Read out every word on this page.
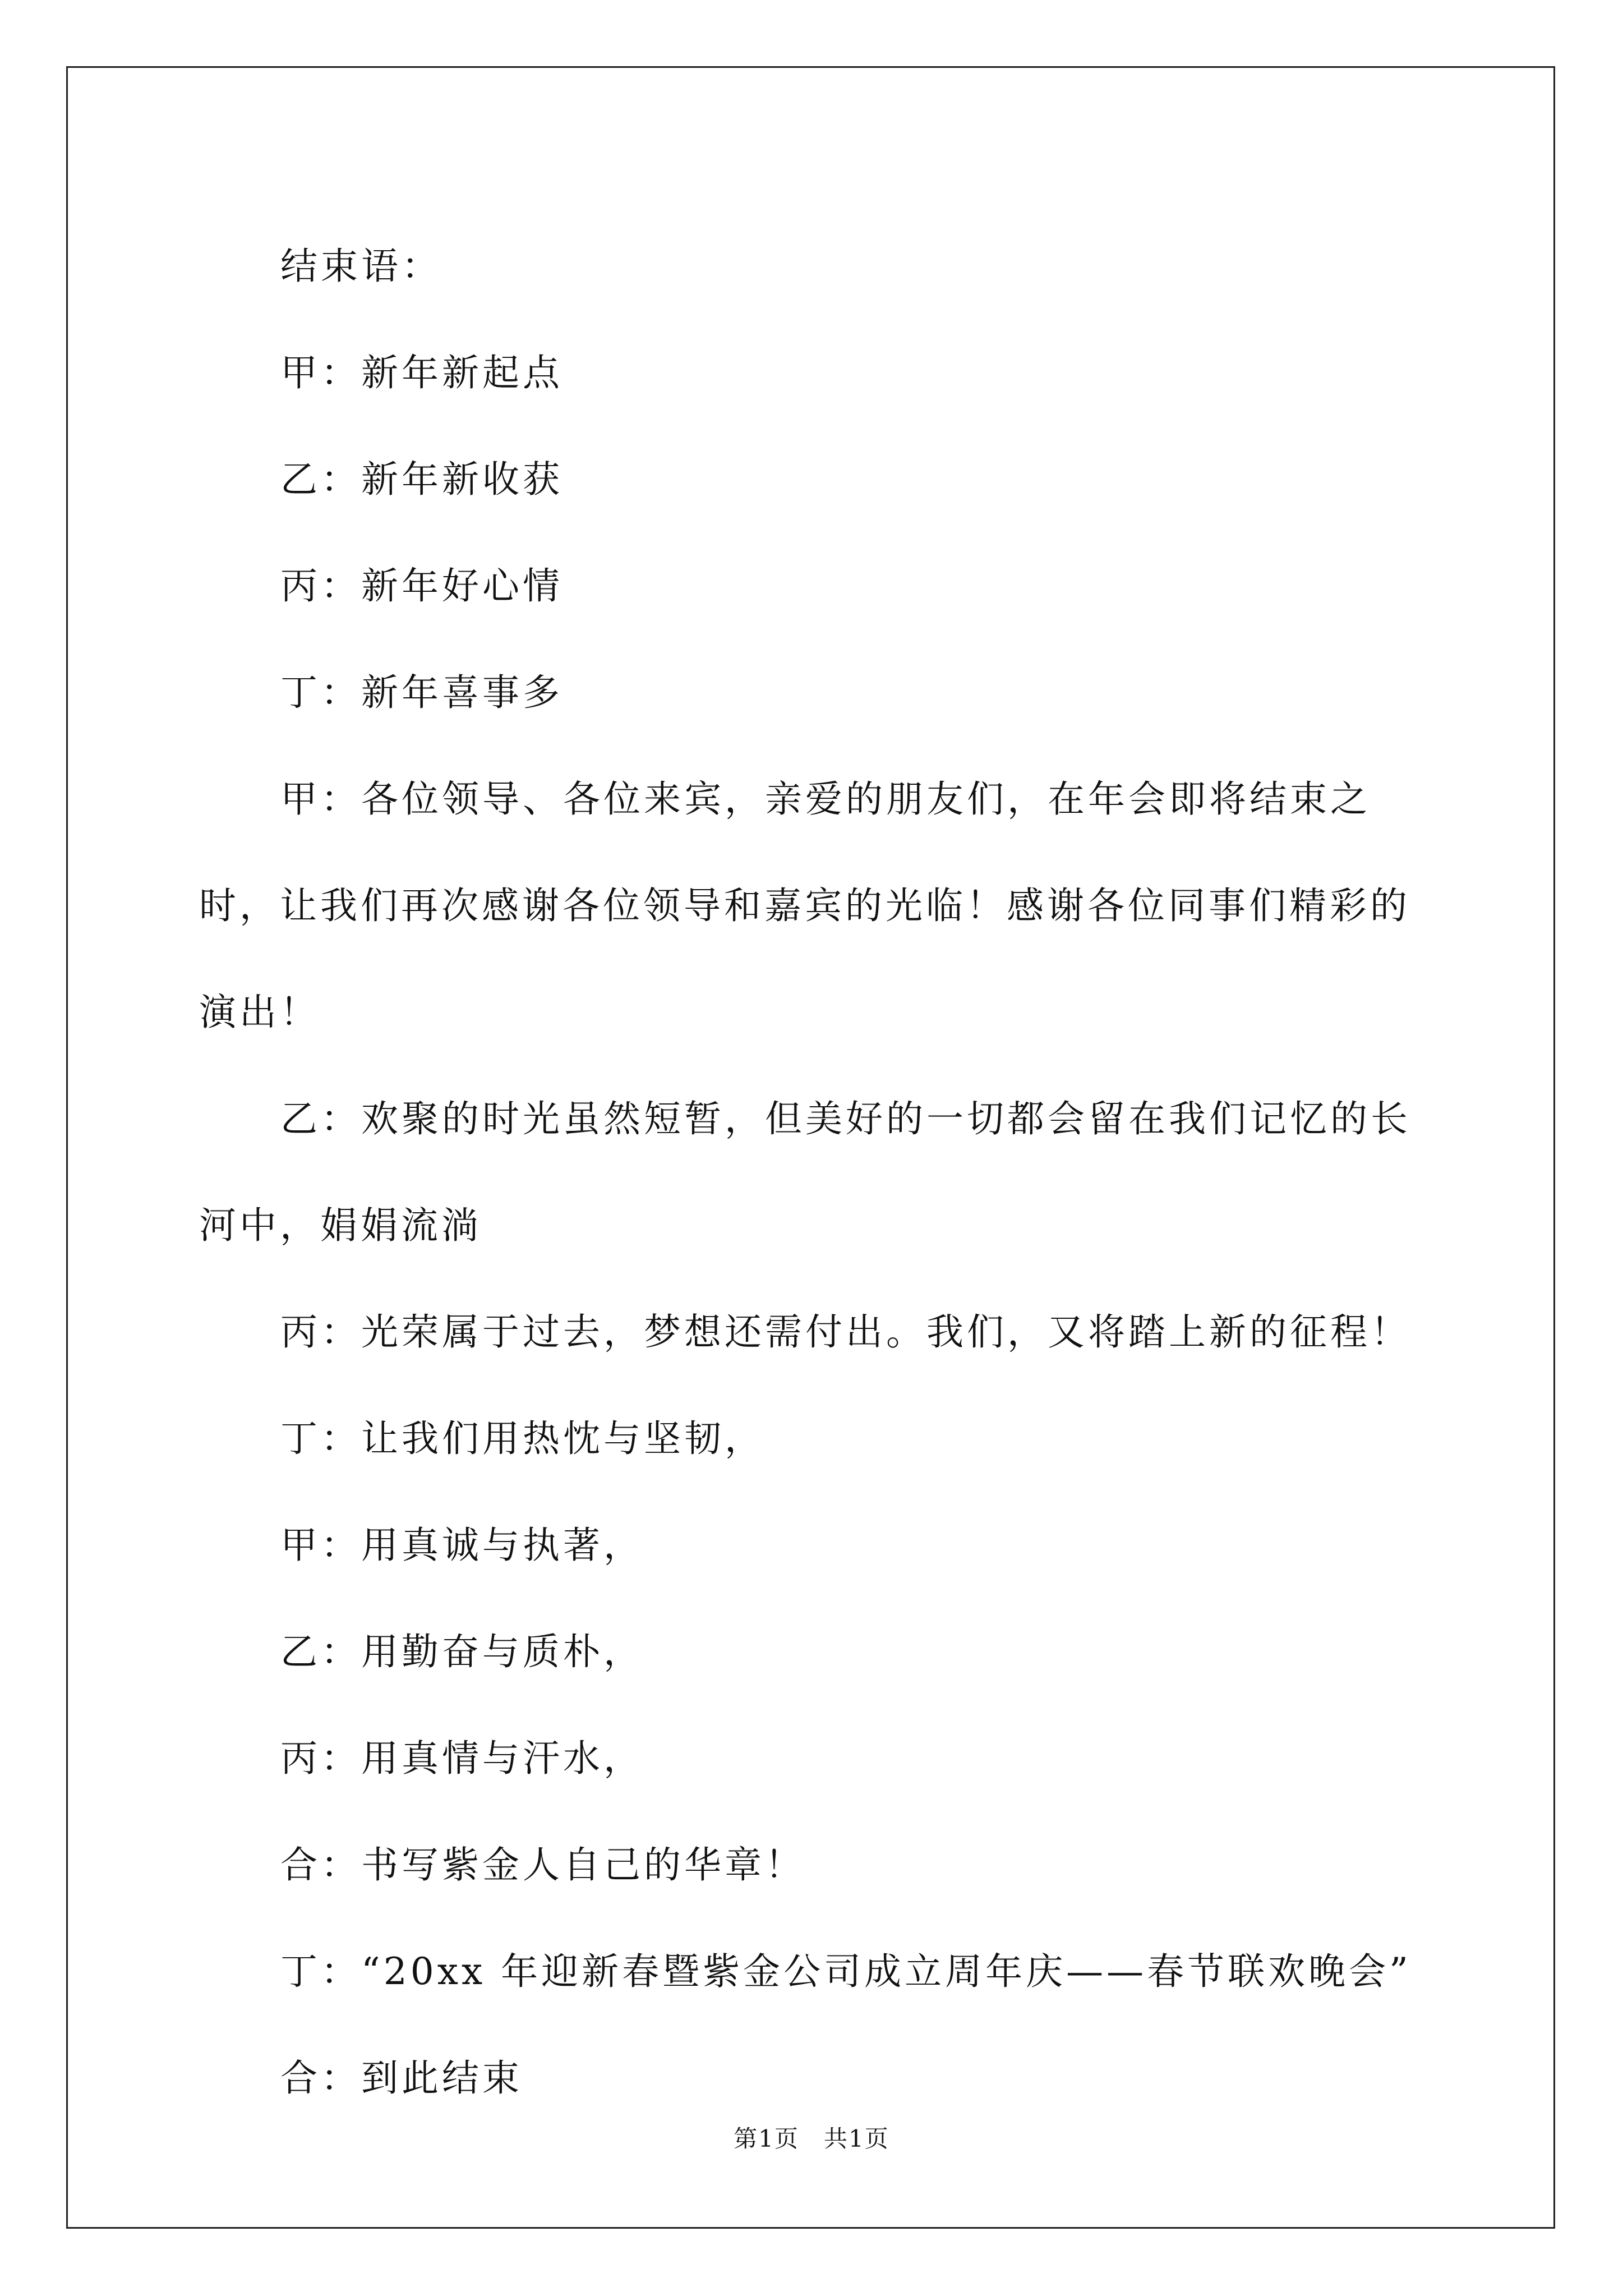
结束语：

甲：新年新起点

乙：新年新收获

丙：新年好心情

丁：新年喜事多

甲：各位领导、各位来宾，亲爱的朋友们，在年会即将结束之时，让我们再次感谢各位领导和嘉宾的光临！感谢各位同事们精彩的演出！

乙：欢聚的时光虽然短暂，但美好的一切都会留在我们记忆的长河中，娟娟流淌

丙：光荣属于过去，梦想还需付出。我们，又将踏上新的征程！

丁：让我们用热忱与坚韧，

甲：用真诚与执著，

乙：用勤奋与质朴，

丙：用真情与汗水，

合：书写紫金人自己的华章！

丁：“20xx 年迎新春暨紫金公司成立周年庆——春节联欢晚会”

合：到此结束

第1页　共1页
